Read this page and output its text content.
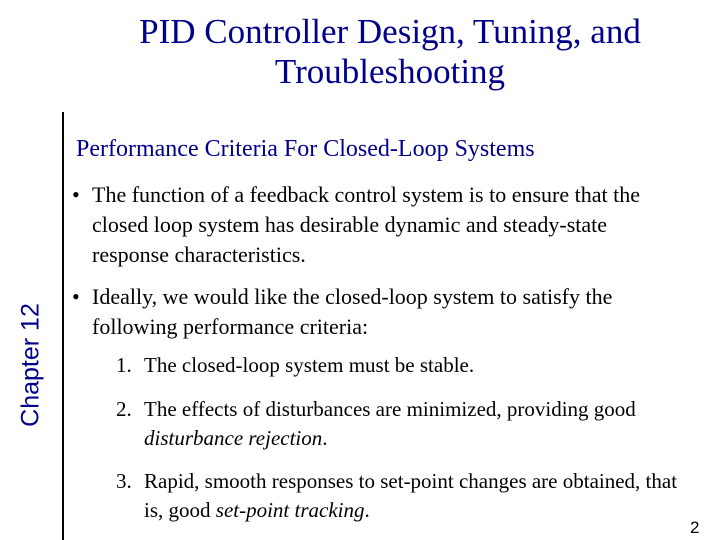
PID Controller Design, Tuning, and
Troubleshooting
Chapter 12
Performance Criteria For Closed-Loop Systems
• The function of a feedback control system is to ensure that the closed loop system has desirable dynamic and steady-state response characteristics.
• Ideally, we would like the closed-loop system to satisfy the following performance criteria:
1. The closed-loop system must be stable.
2. The effects of disturbances are minimized, providing good disturbance rejection.
3. Rapid, smooth responses to set-point changes are obtained, that is, good set-point tracking.
2
